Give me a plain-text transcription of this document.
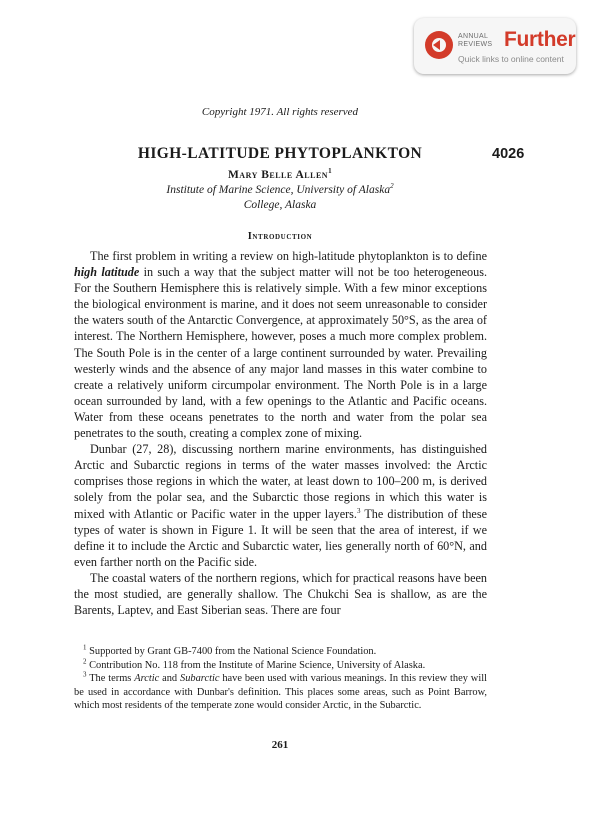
ANNUAL
REVIEWS Further
Quick links to online content
Copyright 1971. All rights reserved
HIGH-LATITUDE PHYTOPLANKTON	4026
Mary Belle Allen$^1$
Institute of Marine Science, University of Alaska$^2$
College, Alaska
Introduction

The first problem in writing a review on high-latitude phytoplankton is to define high latitude in such a way that the subject matter will not be too heterogeneous. For the Southern Hemisphere this is relatively simple. With a few minor exceptions the biological environment is marine, and it does not seem unreasonable to consider the waters south of the Antarctic Convergence, at approximately 50°S, as the area of interest. The Northern Hemisphere, however, poses a much more complex problem. The South Pole is in the center of a large continent surrounded by water. Prevailing westerly winds and the absence of any major land masses in this water combine to create a relatively uniform circumpolar environment. The North Pole is in a large ocean surrounded by land, with a few openings to the Atlantic and Pacific oceans. Water from these oceans penetrates to the north and water from the polar sea penetrates to the south, creating a complex zone of mixing.

Dunbar (27, 28), discussing northern marine environments, has distinguished Arctic and Subarctic regions in terms of the water masses involved: the Arctic comprises those regions in which the water, at least down to 100–200 m, is derived solely from the polar sea, and the Subarctic those regions in which this water is mixed with Atlantic or Pacific water in the upper layers.$^3$ The distribution of these types of water is shown in Figure 1. It will be seen that the area of interest, if we define it to include the Arctic and Subarctic water, lies generally north of 60°N, and even farther north on the Pacific side.

The coastal waters of the northern regions, which for practical reasons have been the most studied, are generally shallow. The Chukchi Sea is shallow, as are the Barents, Laptev, and East Siberian seas. There are four

$^1$ Supported by Grant GB-7400 from the National Science Foundation.

$^2$ Contribution No. 118 from the Institute of Marine Science, University of Alaska.

$^3$ The terms Arctic and Subarctic have been used with various meanings. In this review they will be used in accordance with Dunbar's definition. This places some areas, such as Point Barrow, which most residents of the temperate zone would consider Arctic, in the Subarctic.

261
